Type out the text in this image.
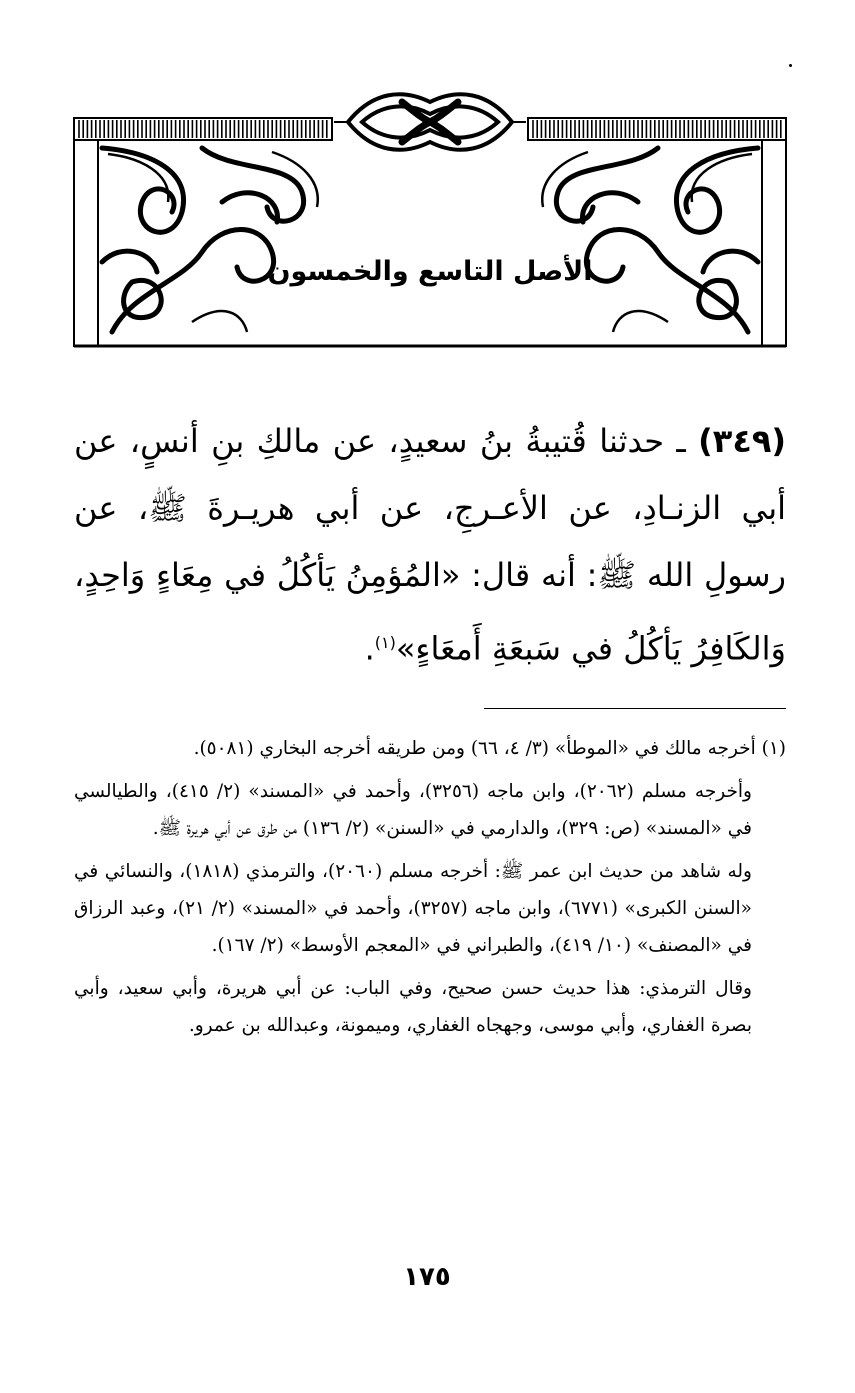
الأصل التاسع والخمسون
(٣٤٩) ـ حدثنا قُتيبةُ بنُ سعيدٍ، عن مالكِ بنِ أنسٍ، عن أبي الزنـادِ، عن الأعـرجِ، عن أبي هريـرةَ ﷺ، عن رسولِ الله ﷺ: أنه قال: «المُؤمِنُ يَأكُلُ في مِعَاءٍ وَاحِدٍ، وَالكَافِرُ يَأكُلُ في سَبعَةِ أَمعَاءٍ»$^{(١)}$.

(١) أخرجه مالك في «الموطأ» (٣/ ٤، ٦٦) ومن طريقه أخرجه البخاري (٥٠٨١).

وأخرجه مسلم (٢٠٦٢)، وابن ماجه (٣٢٥٦)، وأحمد في «المسند» (٢/ ٤١٥)، والطيالسي في «المسند» (ص: ٣٢٩)، والدارمي في «السنن» (٢/ ١٣٦) من طرق عن أبي هريرة ﷺ.

وله شاهد من حديث ابن عمر ﷺ: أخرجه مسلم (٢٠٦٠)، والترمذي (١٨١٨)، والنسائي في «السنن الكبرى» (٦٧٧١)، وابن ماجه (٣٢٥٧)، وأحمد في «المسند» (٢/ ٢١)، وعبد الرزاق في «المصنف» (١٠/ ٤١٩)، والطبراني في «المعجم الأوسط» (٢/ ١٦٧).

وقال الترمذي: هذا حديث حسن صحيح، وفي الباب: عن أبي هريرة، وأبي سعيد، وأبي بصرة الغفاري، وأبي موسى، وجهجاه الغفاري، وميمونة، وعبدالله بن عمرو.

١٧٥
